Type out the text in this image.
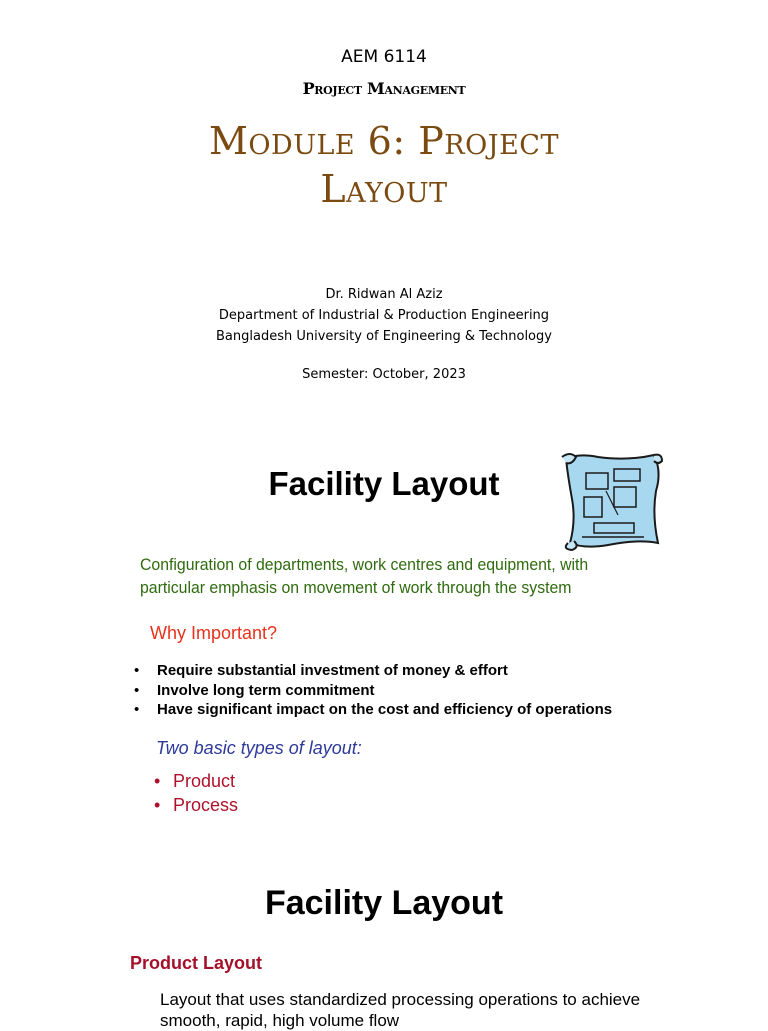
AEM 6114
Project Management
Module 6: Project
Layout
Dr. Ridwan Al Aziz
Department of Industrial & Production Engineering
Bangladesh University of Engineering & Technology
Semester: October, 2023
Facility Layout
Configuration of departments, work centres and equipment, with particular emphasis on movement of work through the system
Why Important?
• Require substantial investment of money & effort
• Involve long term commitment
• Have significant impact on the cost and efficiency of operations
Two basic types of layout:
• Product
• Process
Facility Layout
Product Layout
Layout that uses standardized processing operations to achieve smooth, rapid, high volume flow
